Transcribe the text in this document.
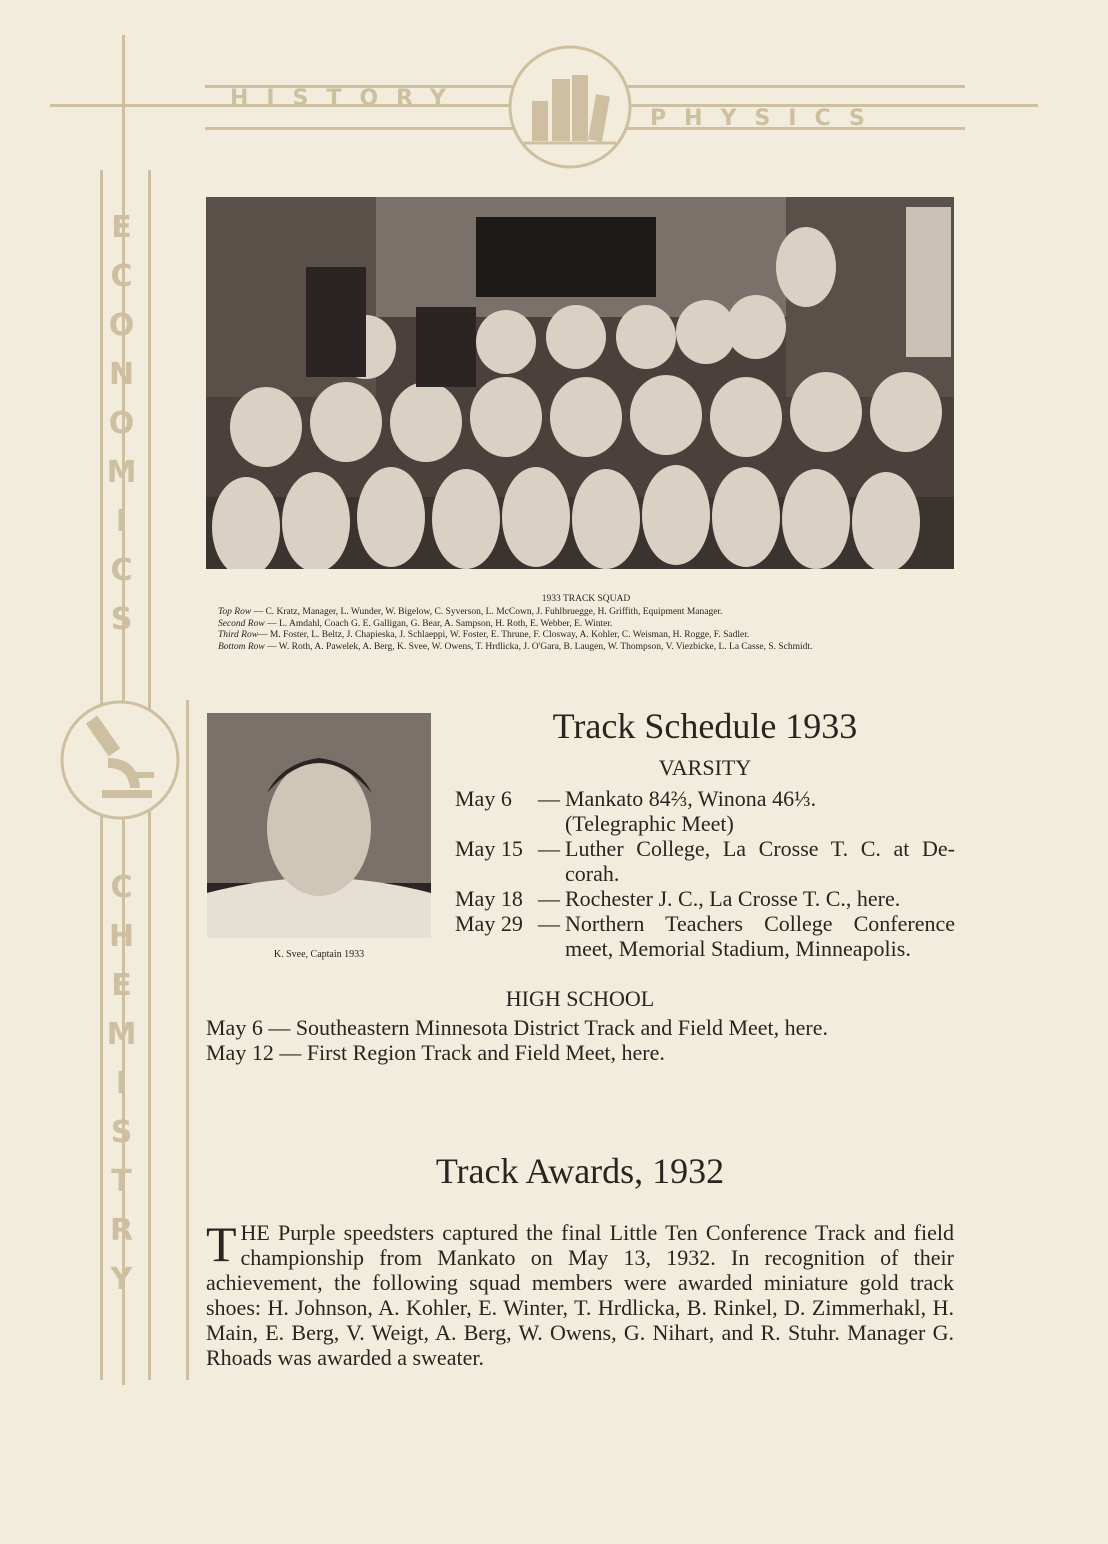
HISTORY
PHYSICS
ECONOMICS
CHEMISTRY
1933 TRACK SQUAD
Top Row — C. Kratz, Manager, L. Wunder, W. Bigelow, C. Syverson, L. McCown, J. Fuhlbruegge, H. Griffith, Equipment Manager.
Second Row — L. Amdahl, Coach G. E. Galligan, G. Bear, A. Sampson, H. Roth, E. Webber, E. Winter.
Third Row— M. Foster, L. Beltz, J. Chapieska, J. Schlaeppi, W. Foster, E. Thrune, F. Closway, A. Kohler, C. Weisman, H. Rogge, F. Sadler.
Bottom Row — W. Roth, A. Pawelek, A. Berg, K. Svee, W. Owens, T. Hrdlicka, J. O'Gara, B. Laugen, W. Thompson, V. Viezbicke, L. La Casse, S. Schmidt.
K. Svee, Captain 1933
Track Schedule 1933
VARSITY
May 6 — Mankato 84⅔, Winona 46⅓.
(Telegraphic Meet)
May 15 — Luther College, La Crosse T. C. at De-
corah.
May 18 — Rochester J. C., La Crosse T. C., here.
May 29 — Northern Teachers College Conference
meet, Memorial Stadium, Minneapolis.
HIGH SCHOOL
May 6 — Southeastern Minnesota District Track and Field Meet, here.
May 12 — First Region Track and Field Meet, here.
Track Awards, 1932
T HE Purple speedsters captured the final Little Ten Conference Track and field championship from Mankato on May 13, 1932. In recognition of their achievement, the following squad members were awarded miniature gold track shoes: H. Johnson, A. Kohler, E. Winter, T. Hrdlicka, B. Rinkel, D. Zimmerhakl, H. Main, E. Berg, V. Weigt, A. Berg, W. Owens, G. Nihart, and R. Stuhr. Manager G. Rhoads was awarded a sweater.
